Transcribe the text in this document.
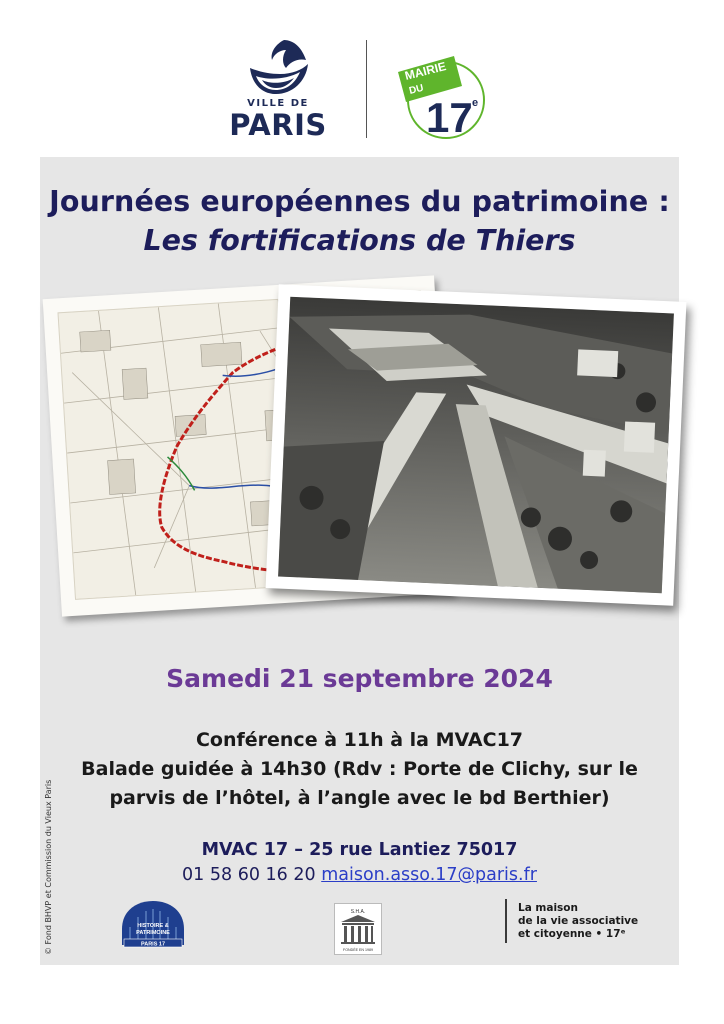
VILLE DE
PARIS
MAIRIE
DU
17 e
Journées européennes du patrimoine :
Les fortifications de Thiers
Samedi 21 septembre 2024
Conférence à 11h à la MVAC17
Balade guidée à 14h30 (Rdv : Porte de Clichy, sur le
parvis de l’hôtel, à l’angle avec le bd Berthier)
MVAC 17 – 25 rue Lantiez 75017
01 58 60 16 20 maison.asso.17@paris.fr
© Fond BHVP et Commission du Vieux Paris	HISTOIRE &
PATRIMOINE
PARIS 17
S.H.A.
FONDÉE EN 1989
La maison
de la vie associative
et citoyenne • 17ᵉ
